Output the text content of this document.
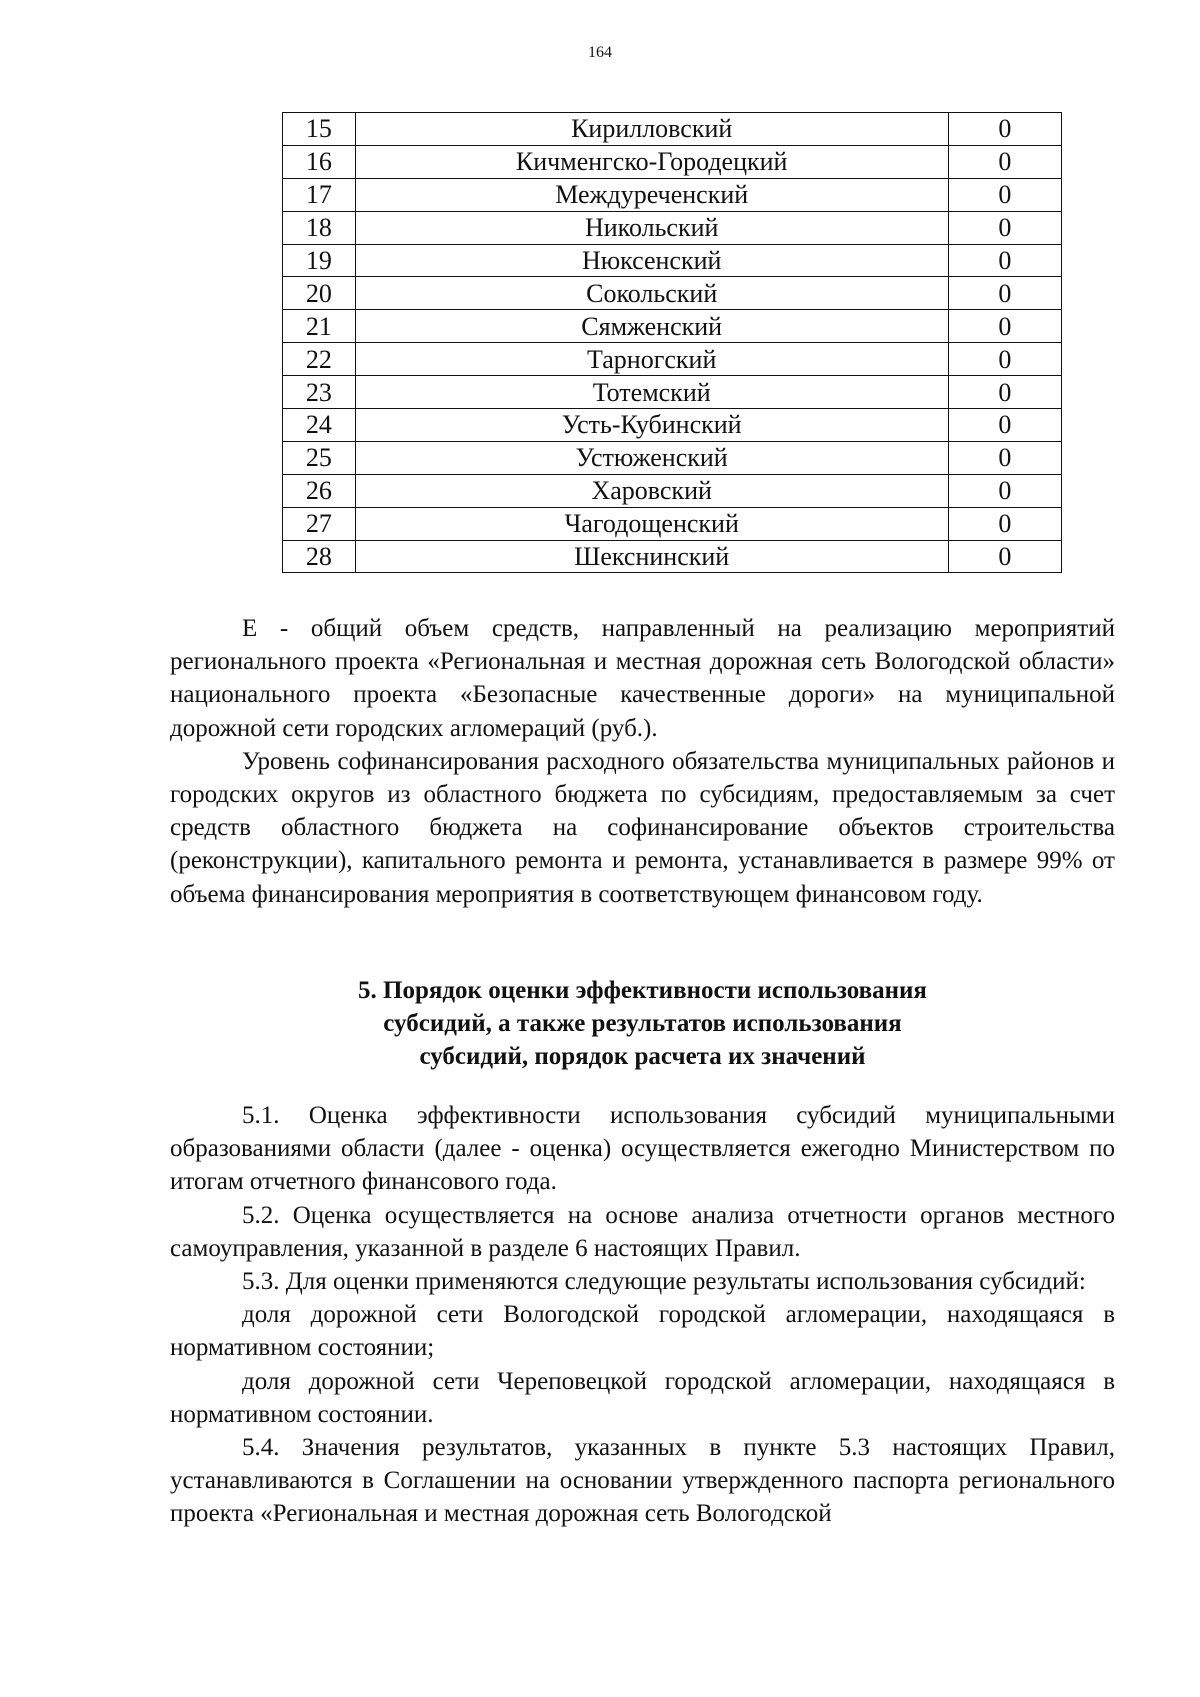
164
15	Кирилловский	0
16	Кичменгско-Городецкий	0
17	Междуреченский	0
18	Никольский	0
19	Нюксенский	0
20	Сокольский	0
21	Сямженский	0
22	Тарногский	0
23	Тотемский	0
24	Усть-Кубинский	0
25	Устюженский	0
26	Харовский	0
27	Чагодощенский	0
28	Шекснинский	0

Е - общий объем средств, направленный на реализацию мероприятий регионального проекта «Региональная и местная дорожная сеть Вологодской области» национального проекта «Безопасные качественные дороги» на муниципальной дорожной сети городских агломераций (руб.).

Уровень софинансирования расходного обязательства муниципальных районов и городских округов из областного бюджета по субсидиям, предоставляемым за счет средств областного бюджета на софинансирование объектов строительства (реконструкции), капитального ремонта и ремонта, устанавливается в размере 99% от объема финансирования мероприятия в соответствующем финансовом году.

5. Порядок оценки эффективности использования
субсидий, а также результатов использования
субсидий, порядок расчета их значений

5.1. Оценка эффективности использования субсидий муниципальными образованиями области (далее - оценка) осуществляется ежегодно Министерством по итогам отчетного финансового года.

5.2. Оценка осуществляется на основе анализа отчетности органов местного самоуправления, указанной в разделе 6 настоящих Правил.

5.3. Для оценки применяются следующие результаты использования субсидий:

доля дорожной сети Вологодской городской агломерации, находящаяся в нормативном состоянии;

доля дорожной сети Череповецкой городской агломерации, находящаяся в нормативном состоянии.

5.4. Значения результатов, указанных в пункте 5.3 настоящих Правил, устанавливаются в Соглашении на основании утвержденного паспорта регионального проекта «Региональная и местная дорожная сеть Вологодской
